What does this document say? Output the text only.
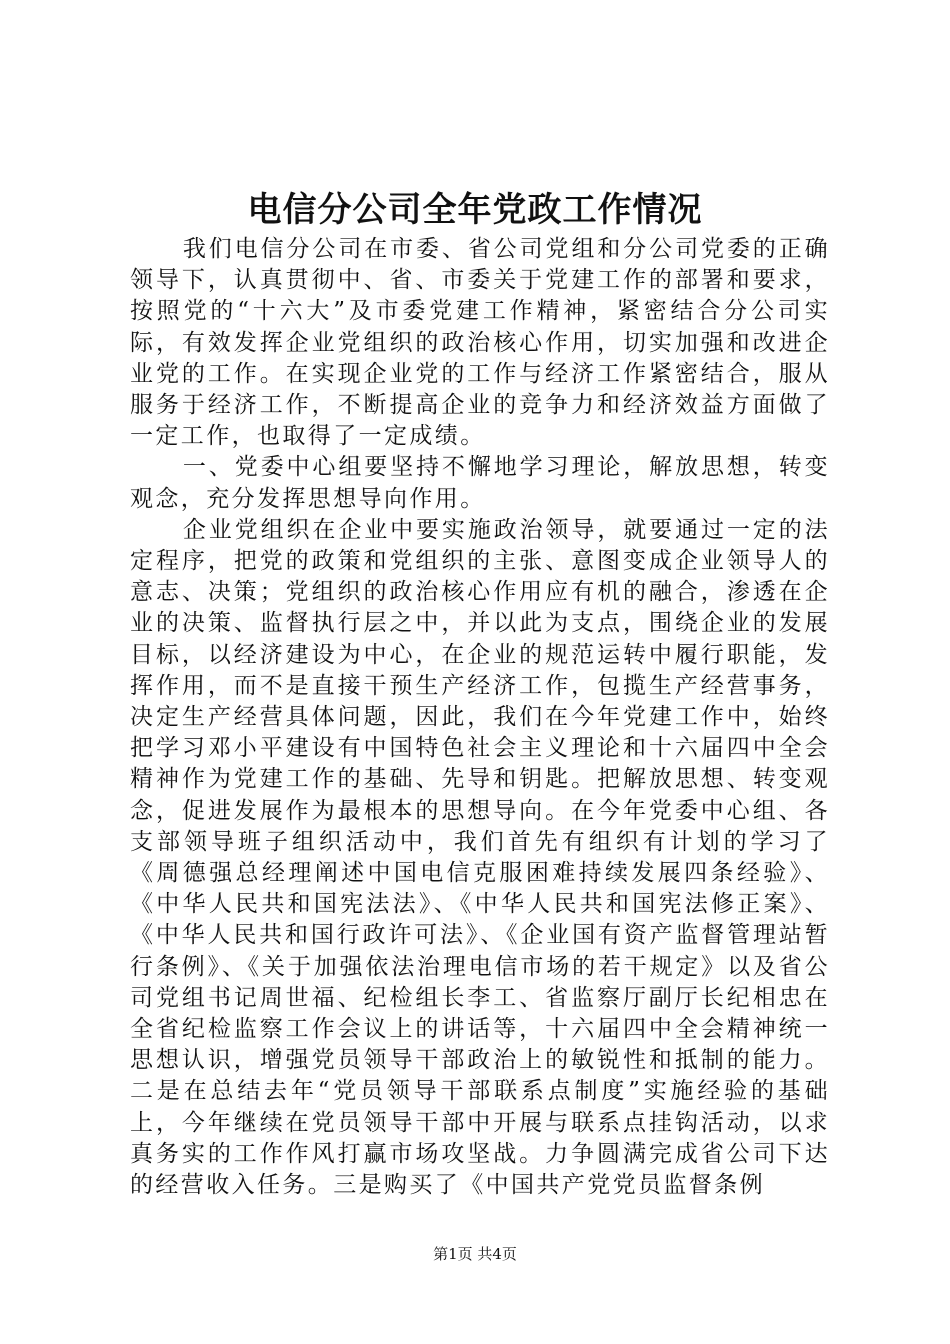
电信分公司全年党政工作情况

我们电信分公司在市委、省公司党组和分公司党委的正确领导下，认真贯彻中、省、市委关于党建工作的部署和要求，按照党的“十六大”及市委党建工作精神，紧密结合分公司实际，有效发挥企业党组织的政治核心作用，切实加强和改进企业党的工作。在实现企业党的工作与经济工作紧密结合，服从服务于经济工作，不断提高企业的竞争力和经济效益方面做了一定工作，也取得了一定成绩。

一、党委中心组要坚持不懈地学习理论，解放思想，转变观念，充分发挥思想导向作用。

企业党组织在企业中要实施政治领导，就要通过一定的法定程序，把党的政策和党组织的主张、意图变成企业领导人的意志、决策；党组织的政治核心作用应有机的融合，渗透在企业的决策、监督执行层之中，并以此为支点，围绕企业的发展目标，以经济建设为中心，在企业的规范运转中履行职能，发挥作用，而不是直接干预生产经济工作，包揽生产经营事务，决定生产经营具体问题，因此，我们在今年党建工作中，始终把学习邓小平建设有中国特色社会主义理论和十六届四中全会精神作为党建工作的基础、先导和钥匙。把解放思想、转变观念，促进发展作为最根本的思想导向。在今年党委中心组、各支部领导班子组织活动中，我们首先有组织有计划的学习了《周德强总经理阐述中国电信克服困难持续发展四条经验》、《中华人民共和国宪法法》、《中华人民共和国宪法修正案》、《中华人民共和国行政许可法》、《企业国有资产监督管理站暂行条例》、《关于加强依法治理电信市场的若干规定》以及省公司党组书记周世福、纪检组长李工、省监察厅副厅长纪相忠在全省纪检监察工作会议上的讲话等，十六届四中全会精神统一思想认识，增强党员领导干部政治上的敏锐性和抵制的能力。二是在总结去年“党员领导干部联系点制度”实施经验的基础上，今年继续在党员领导干部中开展与联系点挂钩活动，以求真务实的工作作风打赢市场攻坚战。力争圆满完成省公司下达的经营收入任务。三是购买了《中国共产党党员监督条例

第1页 共4页
